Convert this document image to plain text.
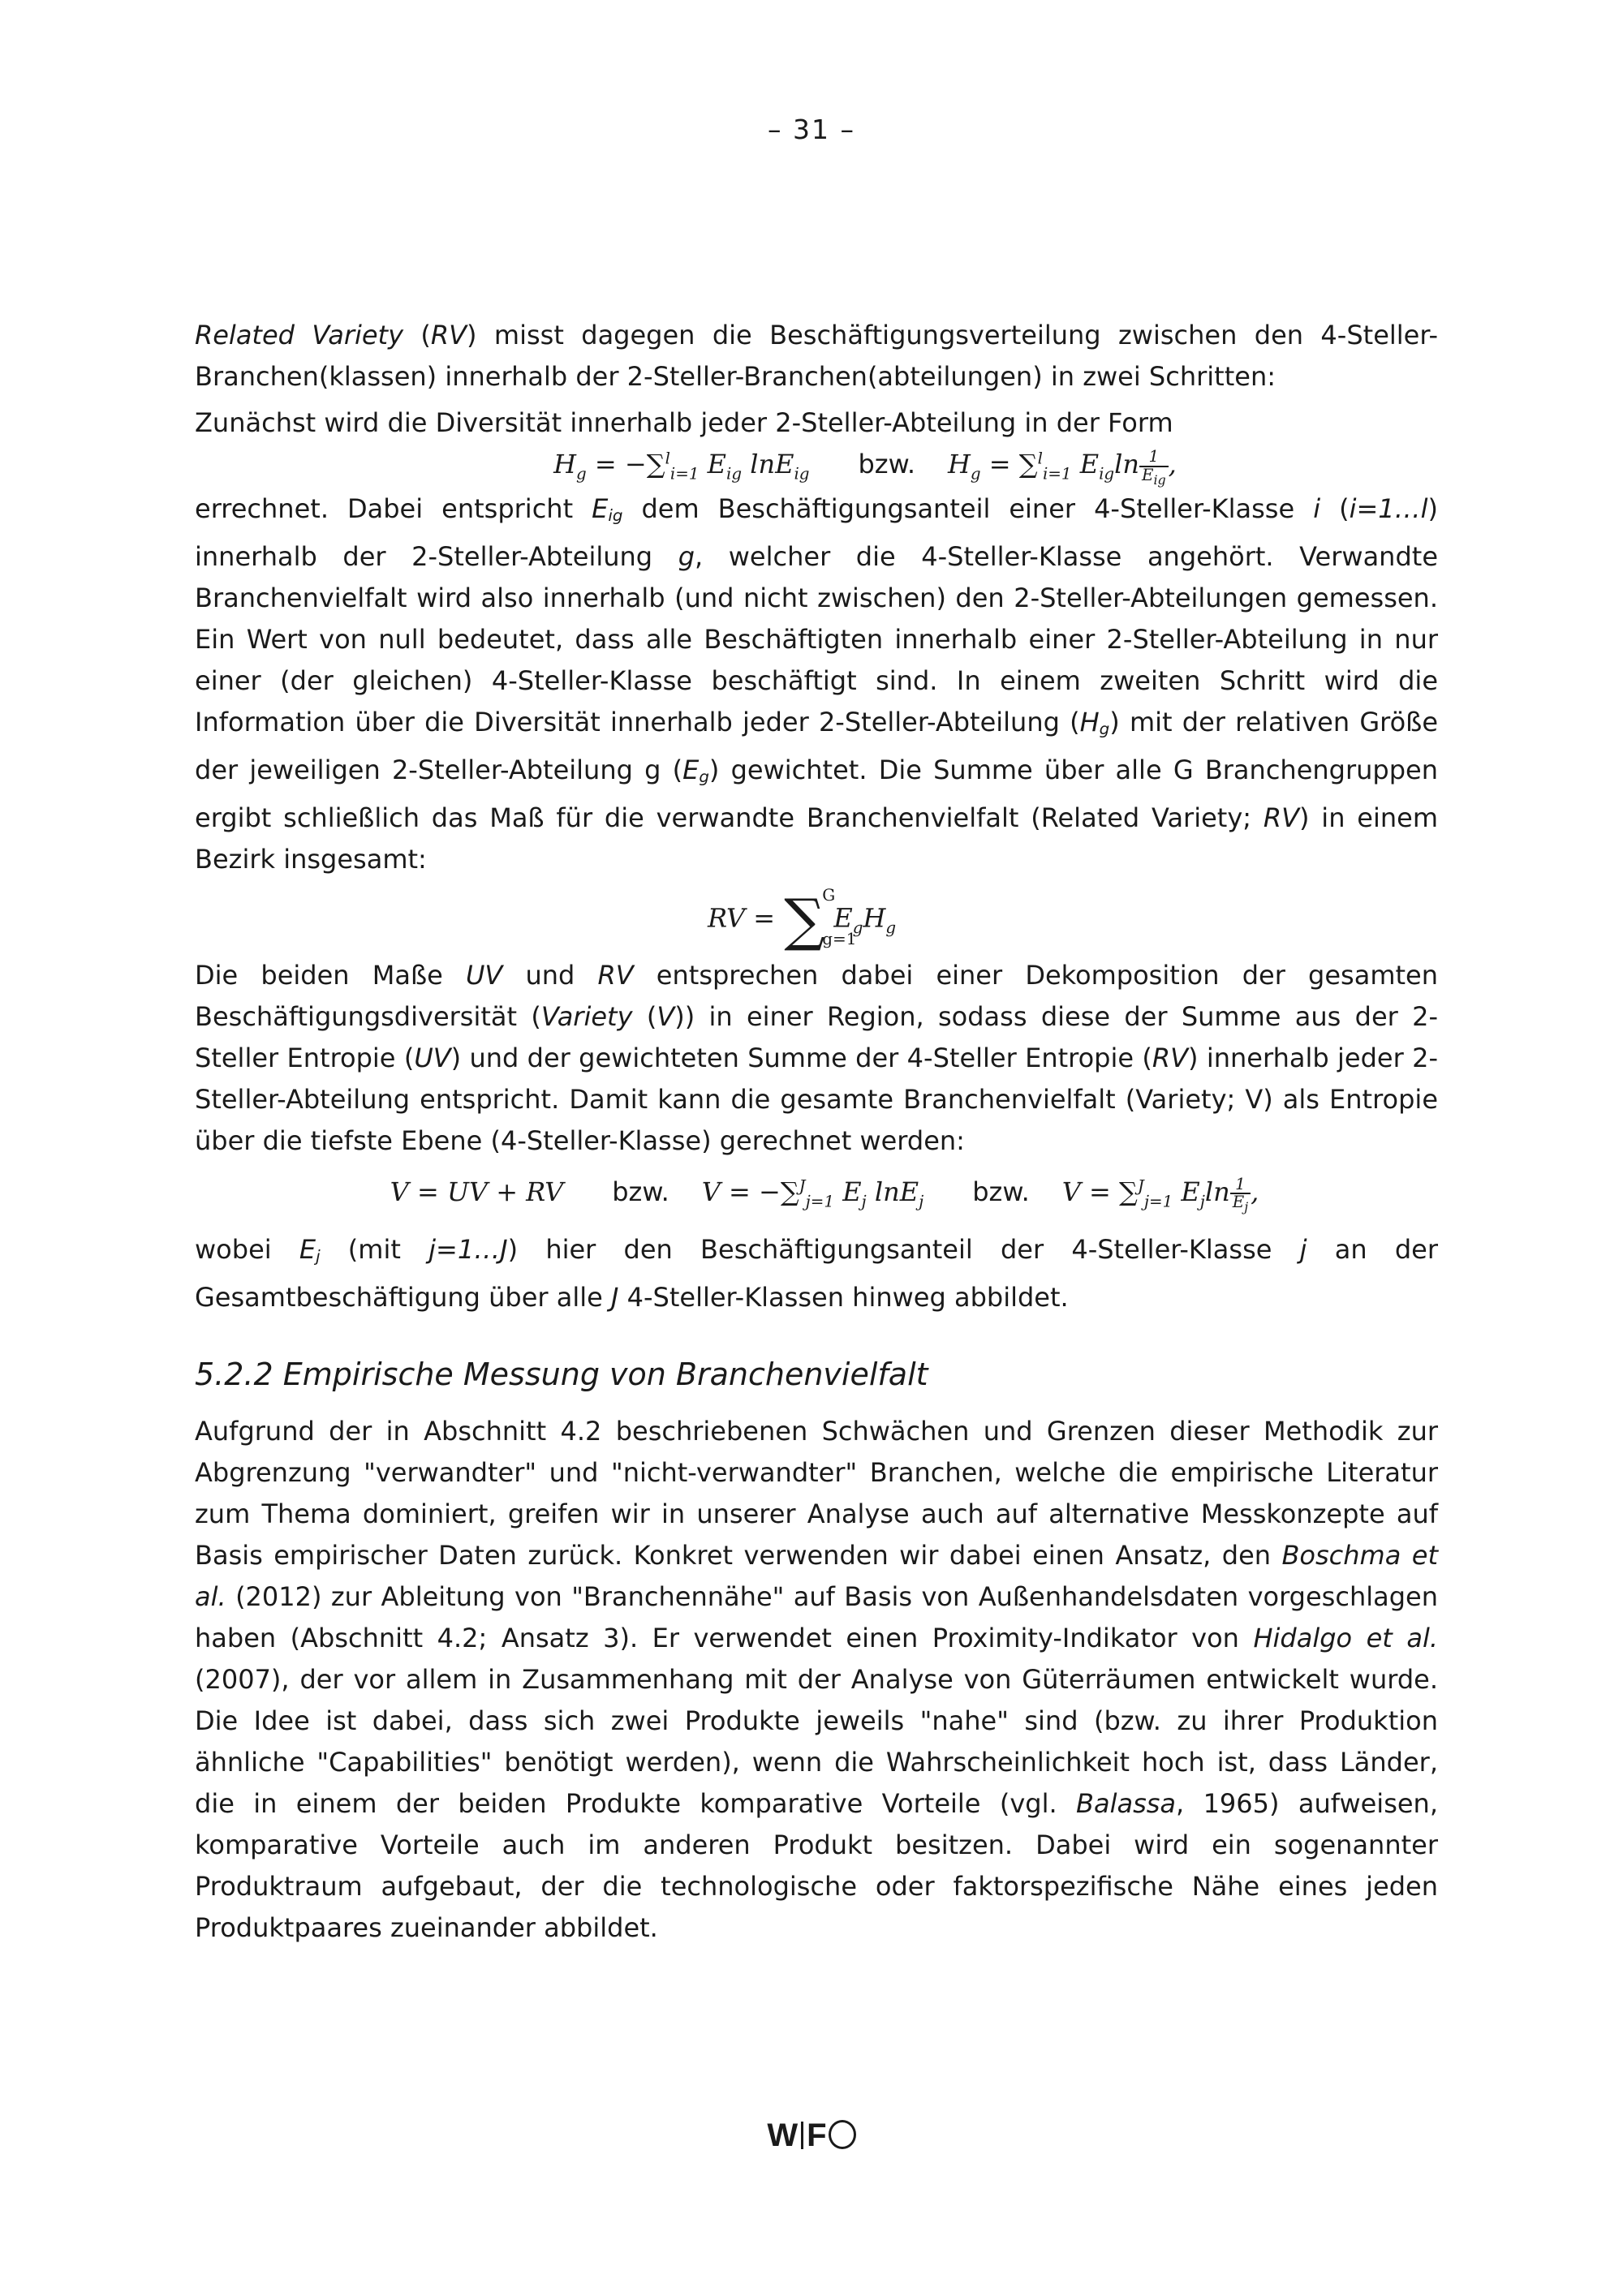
– 31 –

Related Variety (RV) misst dagegen die Beschäftigungsverteilung zwischen den 4-Steller-Branchen(klassen) innerhalb der 2-Steller-Branchen(abteilungen) in zwei Schritten:

Zunächst wird die Diversität innerhalb jeder 2-Steller-Abteilung in der Form

$H_g = -\sum^l_{i=1}$ $E_{ig}$ lnE$_{ig}$ bzw. $H_g = \sum^l_{i=1}$ $E_{ig}\ln \frac{1}{E_{ig}}$ ,

errechnet. Dabei entspricht Eig dem Beschäftigungsanteil einer 4-Steller-Klasse i (i=1…l) innerhalb der 2-Steller-Abteilung g, welcher die 4-Steller-Klasse angehört. Verwandte Branchenvielfalt wird also innerhalb (und nicht zwischen) den 2-Steller-Abteilungen gemessen. Ein Wert von null bedeutet, dass alle Beschäftigten innerhalb einer 2-Steller-Abteilung in nur einer (der gleichen) 4-Steller-Klasse beschäftigt sind. In einem zweiten Schritt wird die Information über die Diversität innerhalb jeder 2-Steller-Abteilung (Hg) mit der relativen Größe der jeweiligen 2-Steller-Abteilung g (Eg) gewichtet. Die Summe über alle G Branchengruppen ergibt schließlich das Maß für die verwandte Branchenvielfalt (Related Variety; RV) in einem Bezirk insgesamt:

RV = ∑
G
g=1
$E_gH_g$

Die beiden Maße UV und RV entsprechen dabei einer Dekomposition der gesamten Beschäftigungsdiversität (Variety (V)) in einer Region, sodass diese der Summe aus der 2-Steller Entropie (UV) und der gewichteten Summe der 4-Steller Entropie (RV) innerhalb jeder 2-Steller-Abteilung entspricht. Damit kann die gesamte Branchenvielfalt (Variety; V) als Entropie über die tiefste Ebene (4-Steller-Klasse) gerechnet werden:

V = UV + RV bzw. V = −∑$^J_{j=1}$ $E_j$ lnE$_j$ bzw. V = ∑$^J_{j=1}$ $E_j\ln \frac{1}{E_j}$ ,

wobei Ej (mit j=1…J) hier den Beschäftigungsanteil der 4-Steller-Klasse j an der Gesamtbeschäftigung über alle J 4-Steller-Klassen hinweg abbildet.

5.2.2 Empirische Messung von Branchenvielfalt

Aufgrund der in Abschnitt 4.2 beschriebenen Schwächen und Grenzen dieser Methodik zur Abgrenzung "verwandter" und "nicht-verwandter" Branchen, welche die empirische Literatur zum Thema dominiert, greifen wir in unserer Analyse auch auf alternative Messkonzepte auf Basis empirischer Daten zurück. Konkret verwenden wir dabei einen Ansatz, den Boschma et al. (2012) zur Ableitung von "Branchennähe" auf Basis von Außenhandelsdaten vorgeschlagen haben (Abschnitt 4.2; Ansatz 3). Er verwendet einen Proximity-Indikator von Hidalgo et al. (2007), der vor allem in Zusammenhang mit der Analyse von Güterräumen entwickelt wurde. Die Idee ist dabei, dass sich zwei Produkte jeweils "nahe" sind (bzw. zu ihrer Produktion ähnliche "Capabilities" benötigt werden), wenn die Wahrscheinlichkeit hoch ist, dass Länder, die in einem der beiden Produkte komparative Vorteile (vgl. Balassa, 1965) aufweisen, komparative Vorteile auch im anderen Produkt besitzen. Dabei wird ein sogenannter Produktraum aufgebaut, der die technologische oder faktorspezifische Nähe eines jeden Produktpaares zueinander abbildet.

W F
